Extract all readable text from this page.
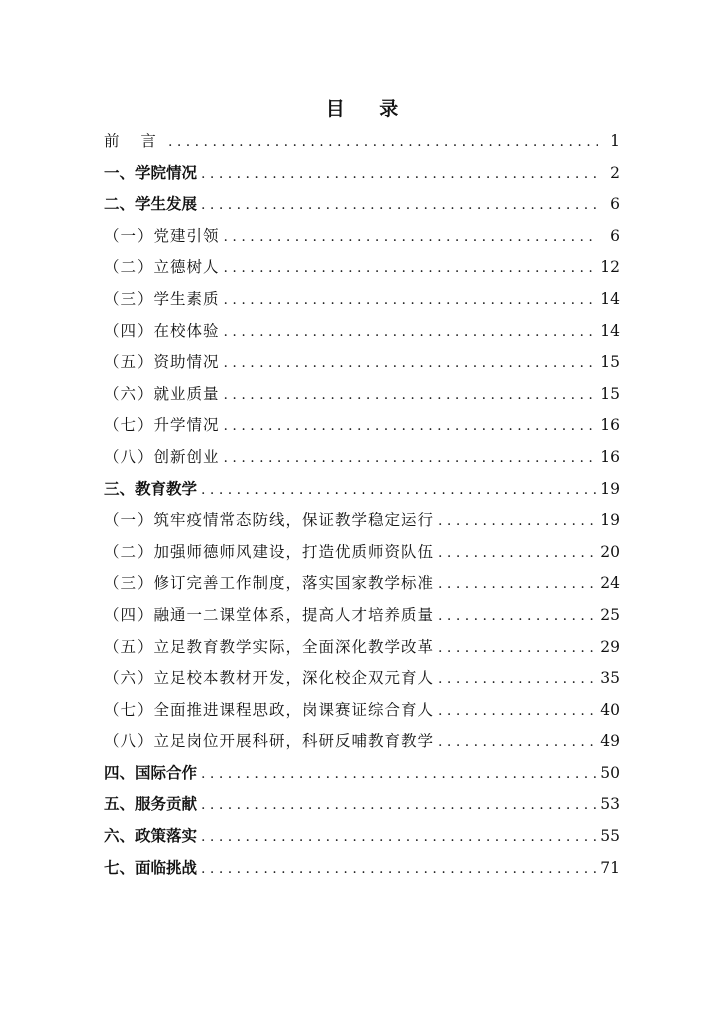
目 录
前 言 . . .	1
一、学院情况 . . .	2
二、学生发展 . . .	6
（一）党建引领 . . .	6
（二）立德树人 . . .	12
（三）学生素质 . . .	14
（四）在校体验 . . .	14
（五）资助情况 . . .	15
（六）就业质量 . . .	15
（七）升学情况 . . .	16
（八）创新创业 . . .	16
三、教育教学 . . .	19
（一）筑牢疫情常态防线，保证教学稳定运行 . . .	19
（二）加强师德师风建设，打造优质师资队伍 . . .	20
（三）修订完善工作制度，落实国家教学标准 . . .	24
（四）融通一二课堂体系，提高人才培养质量 . . .	25
（五）立足教育教学实际，全面深化教学改革 . . .	29
（六）立足校本教材开发，深化校企双元育人 . . .	35
（七）全面推进课程思政，岗课赛证综合育人 . . .	40
（八）立足岗位开展科研，科研反哺教育教学 . . .	49
四、国际合作 . . .	50
五、服务贡献 . . .	53
六、政策落实 . . .	55
七、面临挑战 . . .	71
